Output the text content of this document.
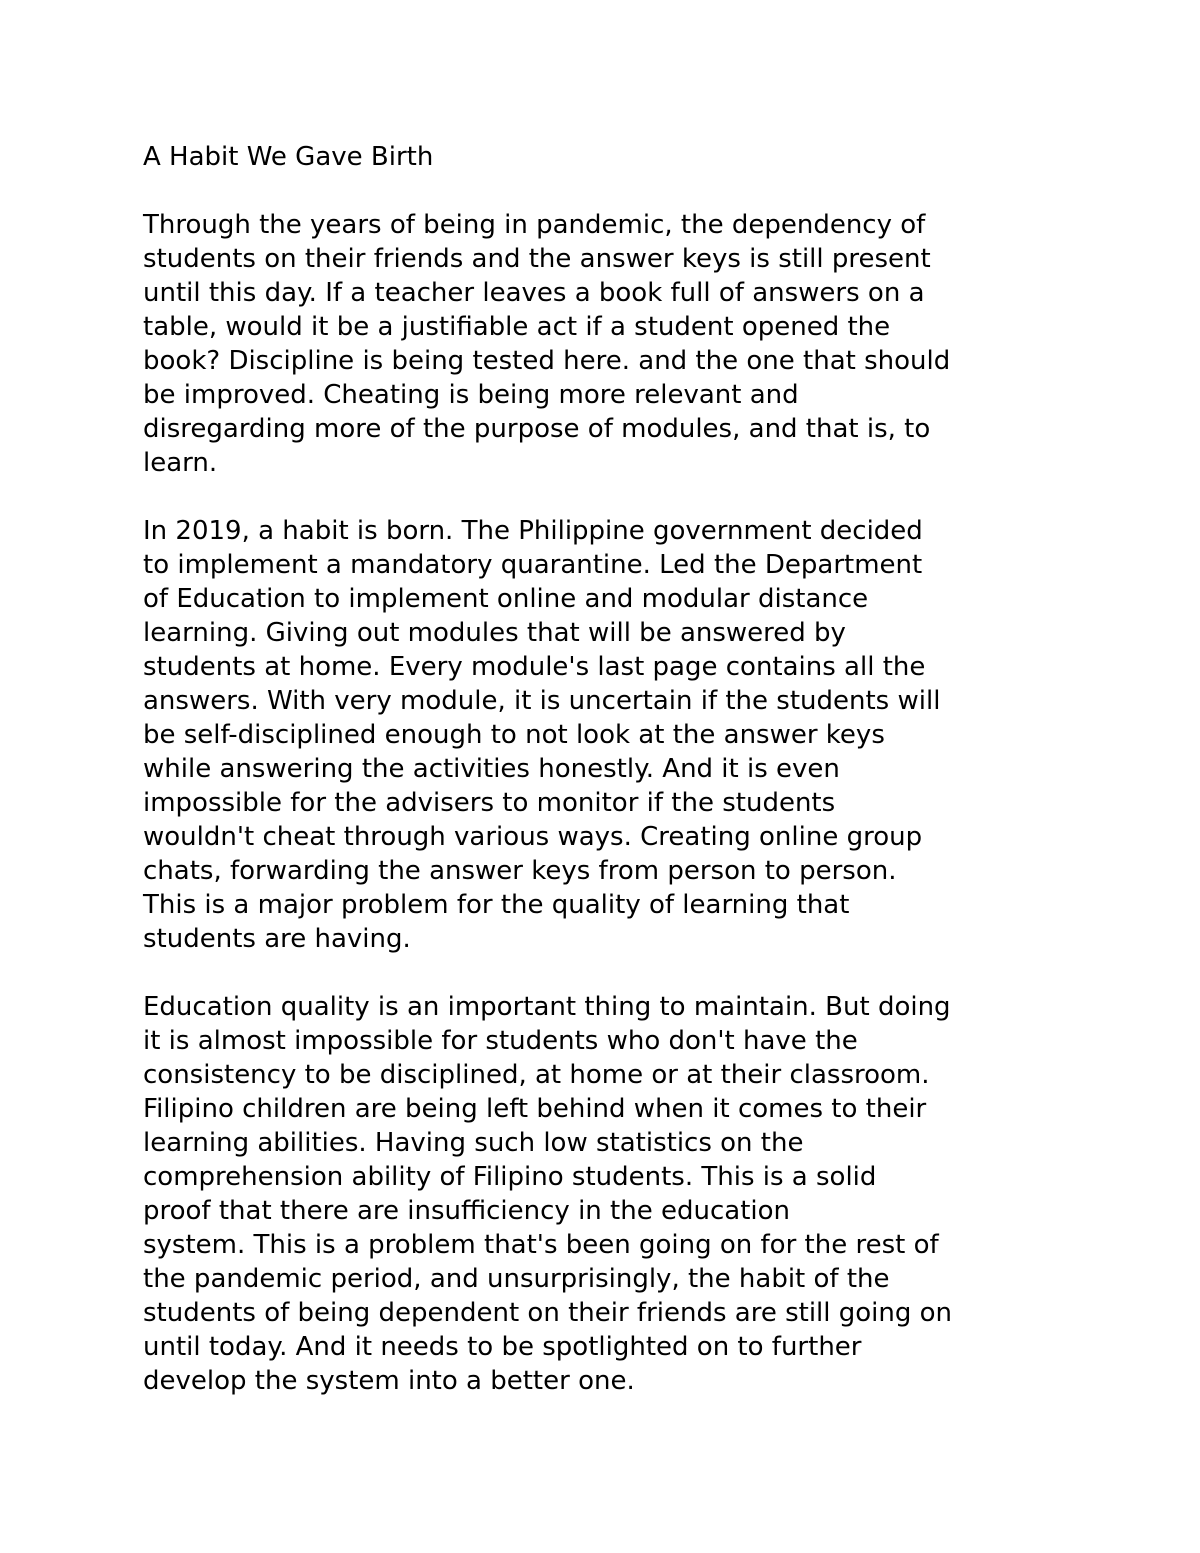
A Habit We Gave Birth
Through the years of being in pandemic, the dependency of
students on their friends and the answer keys is still present
until this day. If a teacher leaves a book full of answers on a
table, would it be a justifiable act if a student opened the
book? Discipline is being tested here. and the one that should
be improved. Cheating is being more relevant and
disregarding more of the purpose of modules, and that is, to
learn.
In 2019, a habit is born. The Philippine government decided
to implement a mandatory quarantine. Led the Department
of Education to implement online and modular distance
learning. Giving out modules that will be answered by
students at home. Every module's last page contains all the
answers. With very module, it is uncertain if the students will
be self-disciplined enough to not look at the answer keys
while answering the activities honestly. And it is even
impossible for the advisers to monitor if the students
wouldn't cheat through various ways. Creating online group
chats, forwarding the answer keys from person to person.
This is a major problem for the quality of learning that
students are having.
Education quality is an important thing to maintain. But doing
it is almost impossible for students who don't have the
consistency to be disciplined, at home or at their classroom.
Filipino children are being left behind when it comes to their
learning abilities. Having such low statistics on the
comprehension ability of Filipino students. This is a solid
proof that there are insufficiency in the education
system. This is a problem that's been going on for the rest of
the pandemic period, and unsurprisingly, the habit of the
students of being dependent on their friends are still going on
until today. And it needs to be spotlighted on to further
develop the system into a better one.
